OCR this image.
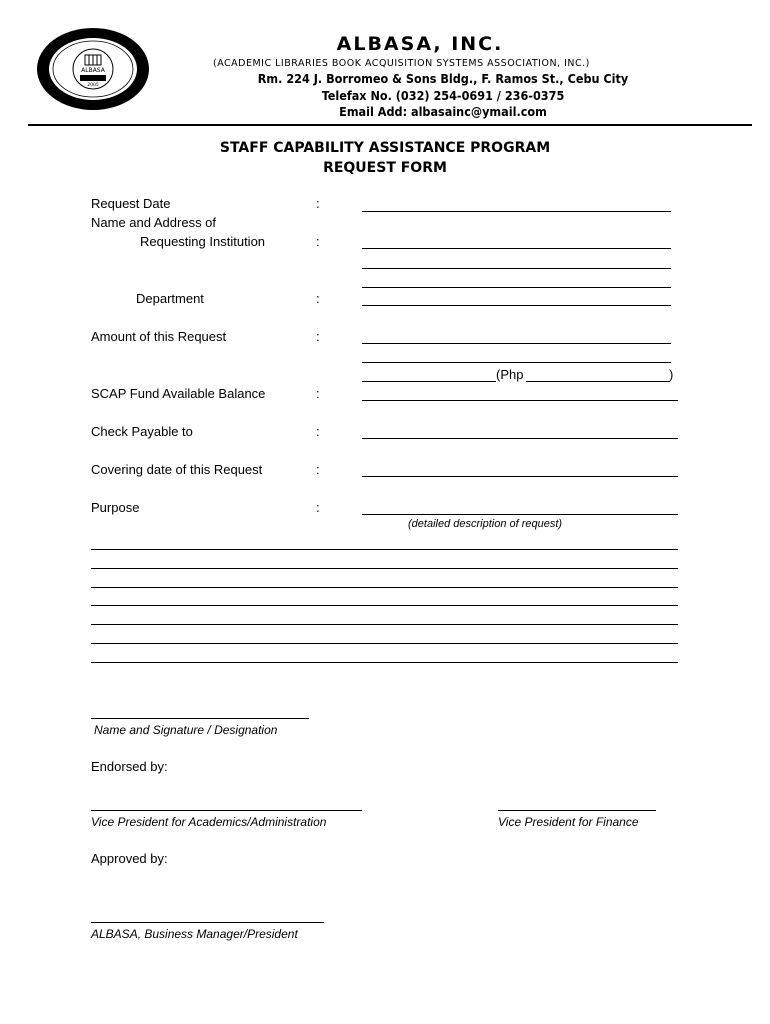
ALBASA
2005
ALBASA, INC.
(ACADEMIC LIBRARIES BOOK ACQUISITION SYSTEMS ASSOCIATION, INC.)
Rm. 224 J. Borromeo & Sons Bldg., F. Ramos St., Cebu City
Telefax No. (032) 254-0691 / 236-0375
Email Add: albasainc@ymail.com
STAFF CAPABILITY ASSISTANCE PROGRAM
REQUEST FORM
Request Date	:
Name and Address of
Requesting Institution	:
Department	:
Amount of this Request	:
(Php	)
SCAP Fund Available Balance	:
Check Payable to	:
Covering date of this Request	:
Purpose	:
(detailed description of request)
Name and Signature / Designation
Endorsed by:
Vice President for Academics/Administration	Vice President for Finance
Approved by:
ALBASA, Business Manager/President
